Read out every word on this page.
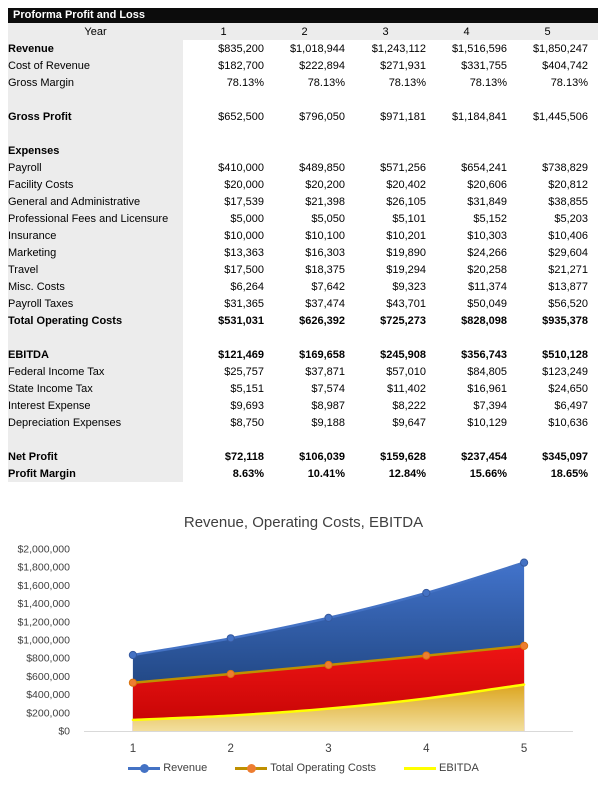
Proforma Profit and Loss
Year	1	2	3	4	5	
Revenue	$835,200	$1,018,944	$1,243,112	$1,516,596	$1,850,247	
Cost of Revenue	$182,700	$222,894	$271,931	$331,755	$404,742	
Gross Margin	78.13%	78.13%	78.13%	78.13%	78.13%	

Gross Profit	$652,500	$796,050	$971,181	$1,184,841	$1,445,506	

Expenses						
Payroll	$410,000	$489,850	$571,256	$654,241	$738,829	
Facility Costs	$20,000	$20,200	$20,402	$20,606	$20,812	
General and Administrative	$17,539	$21,398	$26,105	$31,849	$38,855	
Professional Fees and Licensure	$5,000	$5,050	$5,101	$5,152	$5,203	
Insurance	$10,000	$10,100	$10,201	$10,303	$10,406	
Marketing	$13,363	$16,303	$19,890	$24,266	$29,604	
Travel	$17,500	$18,375	$19,294	$20,258	$21,271	
Misc. Costs	$6,264	$7,642	$9,323	$11,374	$13,877	
Payroll Taxes	$31,365	$37,474	$43,701	$50,049	$56,520	
Total Operating Costs	$531,031	$626,392	$725,273	$828,098	$935,378	

EBITDA	$121,469	$169,658	$245,908	$356,743	$510,128	
Federal Income Tax	$25,757	$37,871	$57,010	$84,805	$123,249	
State Income Tax	$5,151	$7,574	$11,402	$16,961	$24,650	
Interest Expense	$9,693	$8,987	$8,222	$7,394	$6,497	
Depreciation Expenses	$8,750	$9,188	$9,647	$10,129	$10,636	

Net Profit	$72,118	$106,039	$159,628	$237,454	$345,097	
Profit Margin	8.63%	10.41%	12.84%	15.66%	18.65%	
$0
$200,000
$400,000
$600,000
$800,000
$1,000,000
$1,200,000
$1,400,000
$1,600,000
$1,800,000
$2,000,000
1	2	3	4	5
Revenue, Operating Costs, EBITDA
Revenue	Total Operating Costs	EBITDA
